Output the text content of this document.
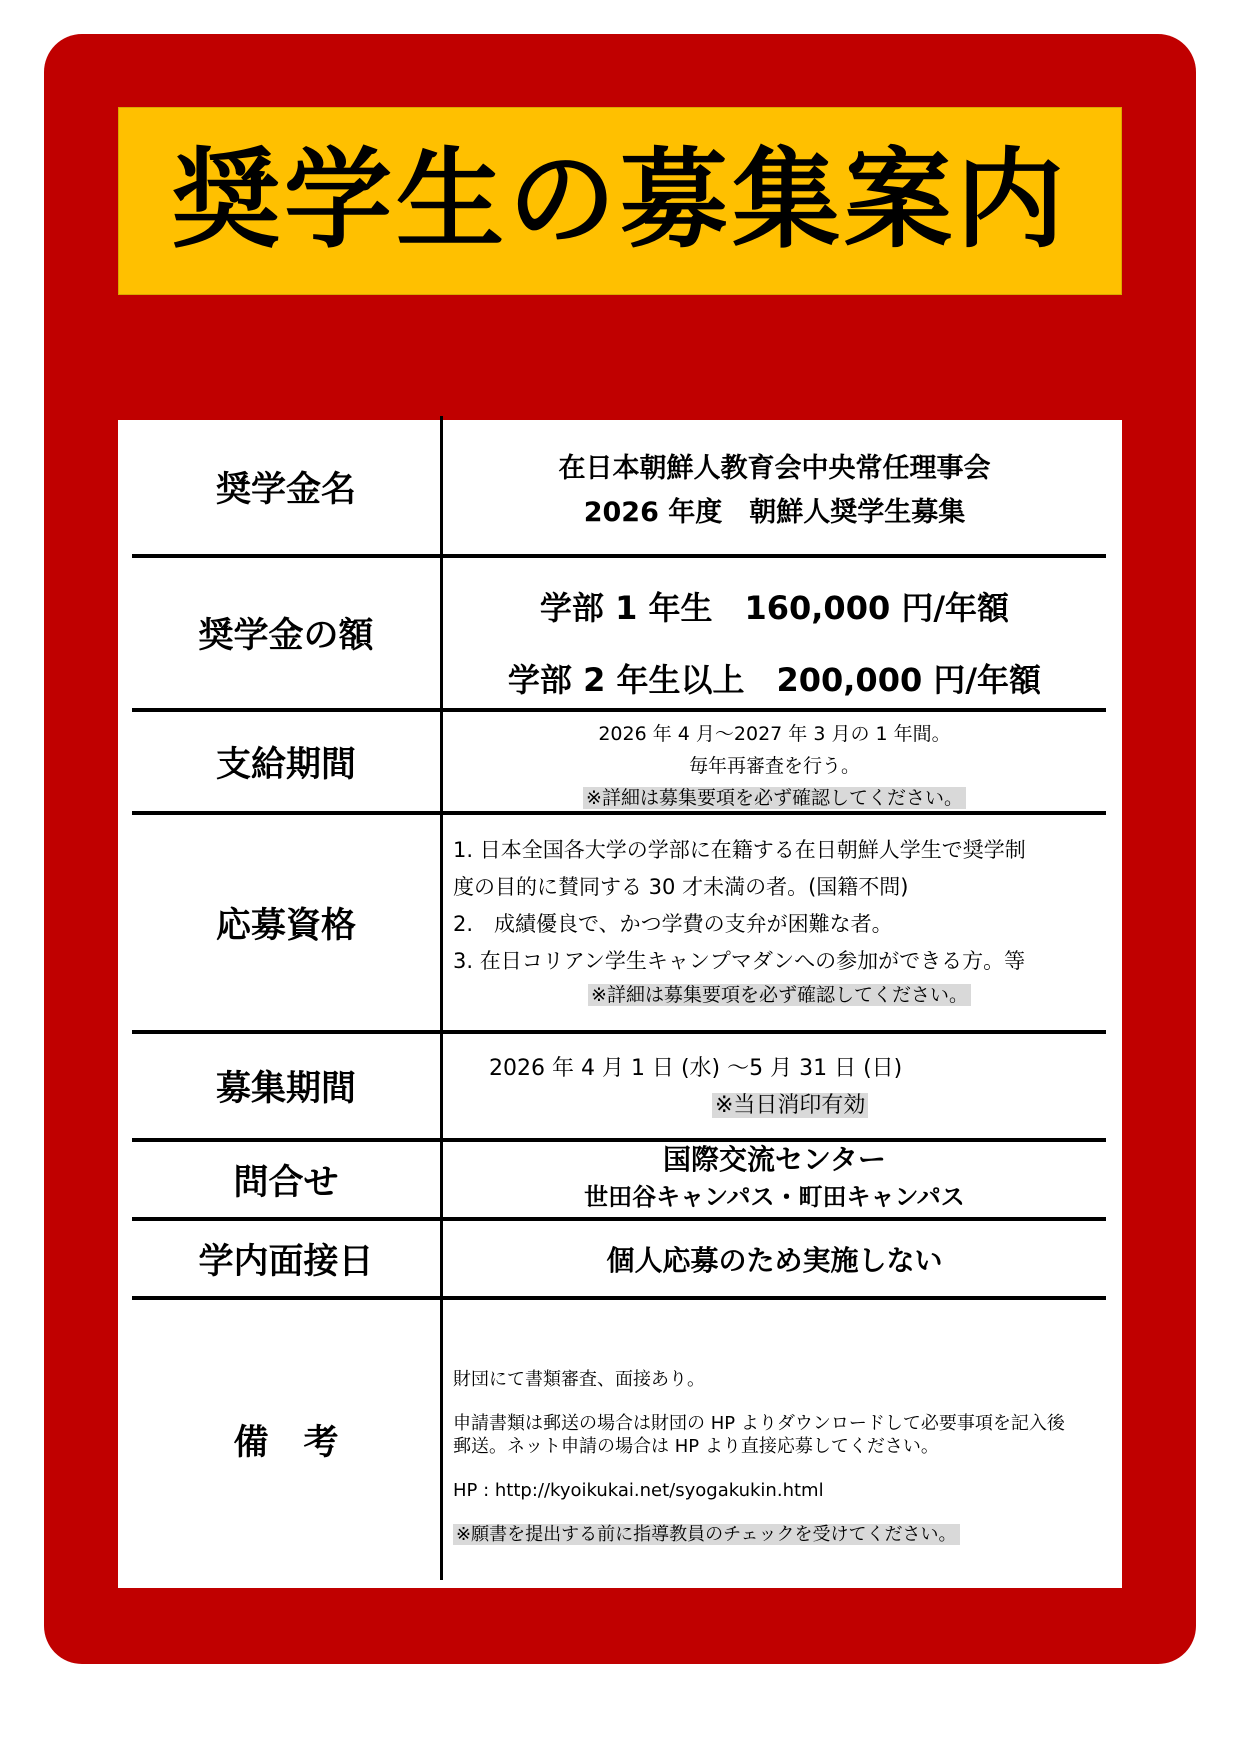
奨学生の募集案内
奨学金名
在日本朝鮮人教育会中央常任理事会
2026 年度　朝鮮人奨学生募集
奨学金の額
学部 1 年生　160,000 円/年額
学部 2 年生以上　200,000 円/年額
支給期間
2026 年 4 月～2027 年 3 月の 1 年間。
毎年再審査を行う。
※詳細は募集要項を必ず確認してください。
応募資格
1. 日本全国各大学の学部に在籍する在日朝鮮人学生で奨学制
度の目的に賛同する 30 才未満の者。(国籍不問)
2.　成績優良で、かつ学費の支弁が困難な者。
3. 在日コリアン学生キャンプマダンへの参加ができる方。等
※詳細は募集要項を必ず確認してください。
募集期間
2026 年 4 月 1 日 (水) ～5 月 31 日 (日)
※当日消印有効
問合せ
国際交流センター
世田谷キャンパス・町田キャンパス
学内面接日	個人応募のため実施しない
備　考
財団にて書類審査、面接あり。
申請書類は郵送の場合は財団の HP よりダウンロードして必要事項を記入後
郵送。ネット申請の場合は HP より直接応募してください。
HP : http://kyoikukai.net/syogakukin.html
※願書を提出する前に指導教員のチェックを受けてください。
